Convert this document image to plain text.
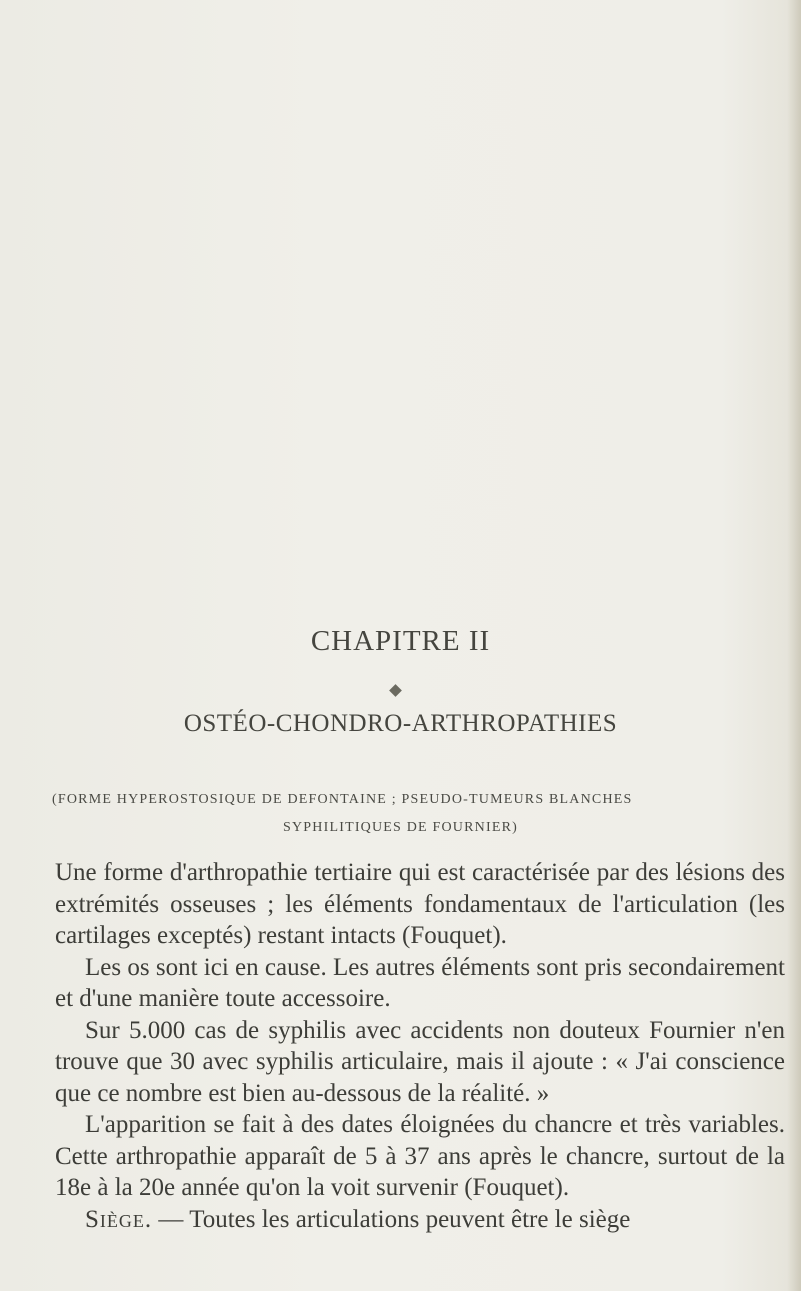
CHAPITRE II
OSTÉO-CHONDRO-ARTHROPATHIES
(FORME HYPEROSTOSIQUE DE DEFONTAINE ; PSEUDO-TUMEURS BLANCHES
SYPHILITIQUES DE FOURNIER)

Une forme d'arthropathie tertiaire qui est caractérisée par des lésions des extrémités osseuses ; les éléments fondamentaux de l'articulation (les cartilages exceptés) restant intacts (Fouquet).

Les os sont ici en cause. Les autres éléments sont pris secondairement et d'une manière toute accessoire.

Sur 5.000 cas de syphilis avec accidents non douteux Fournier n'en trouve que 30 avec syphilis articulaire, mais il ajoute : « J'ai conscience que ce nombre est bien au-dessous de la réalité. »

L'apparition se fait à des dates éloignées du chancre et très variables. Cette arthropathie apparaît de 5 à 37 ans après le chancre, surtout de la 18e à la 20e année qu'on la voit survenir (Fouquet).

Siège. — Toutes les articulations peuvent être le siège
